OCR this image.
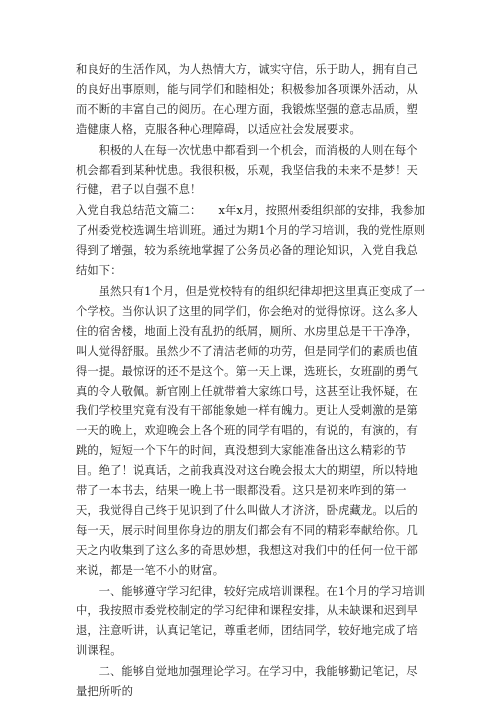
和良好的生活作风，为人热情大方，诚实守信，乐于助人，拥有自己的良好出事原则，能与同学们和睦相处；积极参加各项课外活动，从而不断的丰富自己的阅历。在心理方面，我锻炼坚强的意志品质，塑造健康人格，克服各种心理障碍，以适应社会发展要求。

积极的人在每一次忧患中都看到一个机会，而消极的人则在每个机会都看到某种忧患。我很积极，乐观，我坚信我的未来不是梦！天行健，君子以自强不息！

入党自我总结范文篇二：　　x年x月，按照州委组织部的安排，我参加了州委党校选调生培训班。通过为期1个月的学习培训，我的党性原则得到了增强，较为系统地掌握了公务员必备的理论知识，入党自我总结如下：

虽然只有1个月，但是党校特有的组织纪律却把这里真正变成了一个学校。当你认识了这里的同学们，你会绝对的觉得惊讶。这么多人住的宿舍楼，地面上没有乱扔的纸屑，厕所、水房里总是干干净净，叫人觉得舒服。虽然少不了清洁老师的功劳，但是同学们的素质也值得一提。最惊讶的还不是这个。第一天上课，选班长，女班副的勇气真的令人敬佩。新官刚上任就带着大家练口号，这甚至让我怀疑，在我们学校里究竟有没有干部能象她一样有魄力。更让人受刺激的是第一天的晚上，欢迎晚会上各个班的同学有唱的，有说的，有演的，有跳的，短短一个下午的时间，真没想到大家能准备出这么精彩的节目。绝了！说真话，之前我真没对这台晚会报太大的期望，所以特地带了一本书去，结果一晚上书一眼都没看。这只是初来咋到的第一天，我觉得自己终于见识到了什么叫做人才济济，卧虎藏龙。以后的每一天，展示时间里你身边的朋友们都会有不同的精彩奉献给你。几天之内收集到了这么多的奇思妙想，我想这对我们中的任何一位干部来说，都是一笔不小的财富。

一、能够遵守学习纪律，较好完成培训课程。在1个月的学习培训中，我按照市委党校制定的学习纪律和课程安排，从未缺课和迟到早退，注意听讲，认真记笔记，尊重老师，团结同学，较好地完成了培训课程。

二、能够自觉地加强理论学习。在学习中，我能够勤记笔记，尽量把所听的
